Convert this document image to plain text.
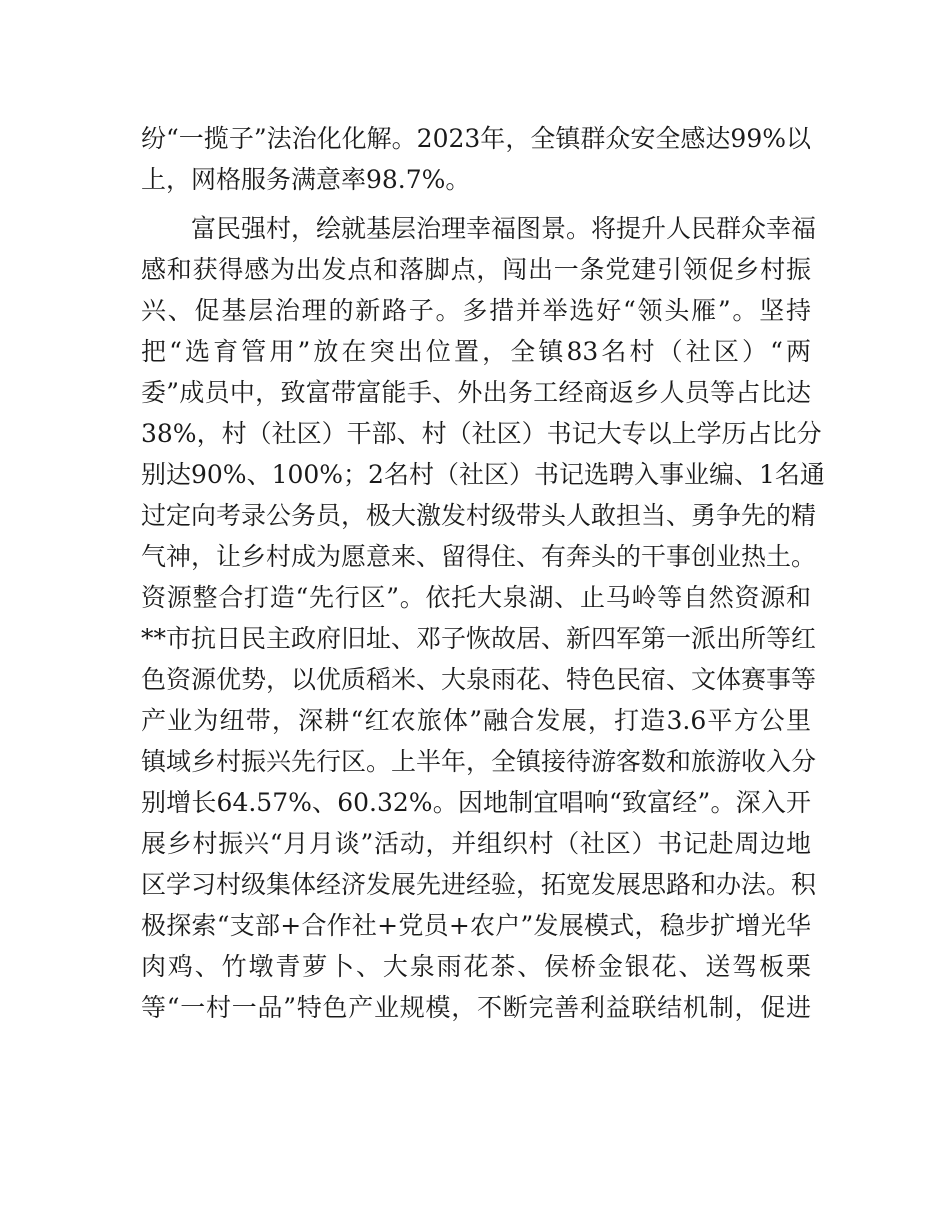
纷“一揽子”法治化化解。2023年，全镇群众安全感达99%以
上，网格服务满意率98.7%。
富民强村，绘就基层治理幸福图景。将提升人民群众幸福
感和获得感为出发点和落脚点，闯出一条党建引领促乡村振
兴、促基层治理的新路子。多措并举选好“领头雁”。坚持
把“选育管用”放在突出位置，全镇83名村（社区）“两
委”成员中，致富带富能手、外出务工经商返乡人员等占比达
38%，村（社区）干部、村（社区）书记大专以上学历占比分
别达90%、100%；2名村（社区）书记选聘入事业编、1名通
过定向考录公务员，极大激发村级带头人敢担当、勇争先的精
气神，让乡村成为愿意来、留得住、有奔头的干事创业热土。
资源整合打造“先行区”。依托大泉湖、止马岭等自然资源和
**市抗日民主政府旧址、邓子恢故居、新四军第一派出所等红
色资源优势，以优质稻米、大泉雨花、特色民宿、文体赛事等
产业为纽带，深耕“红农旅体”融合发展，打造3.6平方公里
镇域乡村振兴先行区。上半年，全镇接待游客数和旅游收入分
别增长64.57%、60.32%。因地制宜唱响“致富经”。深入开
展乡村振兴“月月谈”活动，并组织村（社区）书记赴周边地
区学习村级集体经济发展先进经验，拓宽发展思路和办法。积
极探索“支部+合作社+党员+农户”发展模式，稳步扩增光华
肉鸡、竹墩青萝卜、大泉雨花茶、侯桥金银花、送驾板栗
等“一村一品”特色产业规模，不断完善利益联结机制，促进
